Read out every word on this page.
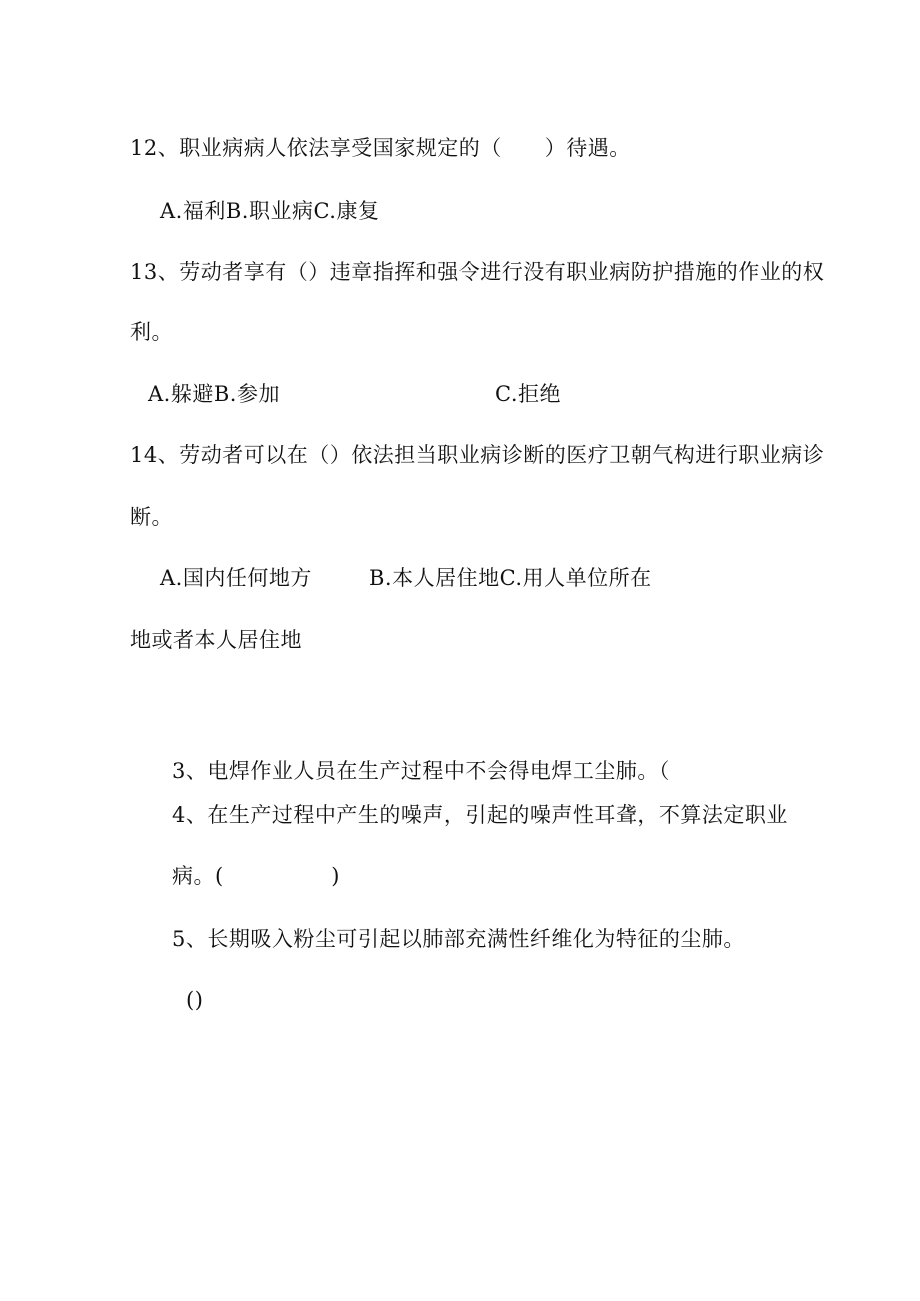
12、职业病病人依法享受国家规定的（　　）待遇。
A.福利B.职业病C.康复
13、劳动者享有（）违章指挥和强令进行没有职业病防护措施的作业的权
利。
A.躲避B.参加	C.拒绝
14、劳动者可以在（）依法担当职业病诊断的医疗卫朝气构进行职业病诊
断。
A.国内任何地方	B.本人居住地C.用人单位所在
地或者本人居住地
3、电焊作业人员在生产过程中不会得电焊工尘肺。（
4、在生产过程中产生的噪声，引起的噪声性耳聋，不算法定职业
病。(　　　　　)
5、长期吸入粉尘可引起以肺部充满性纤维化为特征的尘肺。
()
